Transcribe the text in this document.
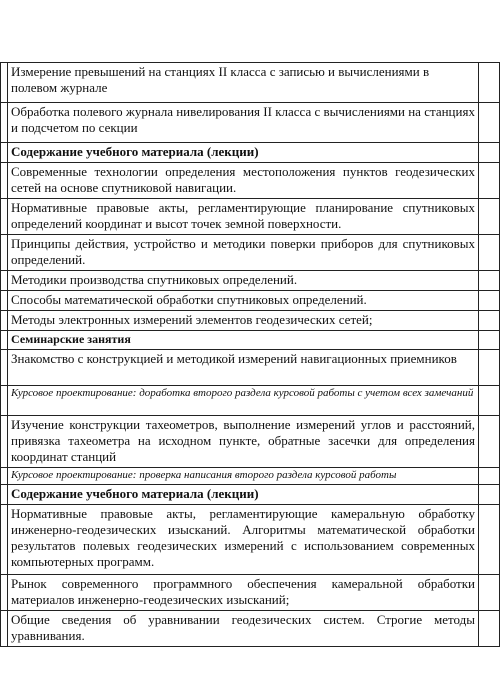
	Измерение превышений на станциях II класса с записью и вычислениями в полевом журнале	
	Обработка полевого журнала нивелирования II класса с вычислениями на станциях и подсчетом по секции	
	Содержание учебного материала (лекции)	
	Современные технологии определения местоположения пунктов геодезических сетей на основе спутниковой навигации.	
	Нормативные правовые акты, регламентирующие планирование спутниковых определений координат и высот точек земной поверхности.	
	Принципы действия, устройство и методики поверки приборов для спутниковых определений.	
	Методики производства спутниковых определений.	
	Способы математической обработки спутниковых определений.	
	Методы электронных измерений элементов геодезических сетей;	
	Семинарские занятия	
	Знакомство с конструкцией и методикой измерений навигационных приемников	
	Курсовое проектирование: доработка второго раздела курсовой работы с учетом всех замечаний	
	Изучение конструкции тахеометров, выполнение измерений углов и расстояний, привязка тахеометра на исходном пункте, обратные засечки для определения координат станций	
	Курсовое проектирование: проверка написания второго раздела курсовой работы	
	Содержание учебного материала (лекции)	
	Нормативные правовые акты, регламентирующие камеральную обработку инженерно-геодезических изысканий. Алгоритмы математической обработки результатов полевых геодезических измерений с использованием современных компьютерных программ.	
	Рынок современного программного обеспечения камеральной обработки материалов инженерно-геодезических изысканий;	
	Общие сведения об уравнивании геодезических систем. Строгие методы уравнивания.	
